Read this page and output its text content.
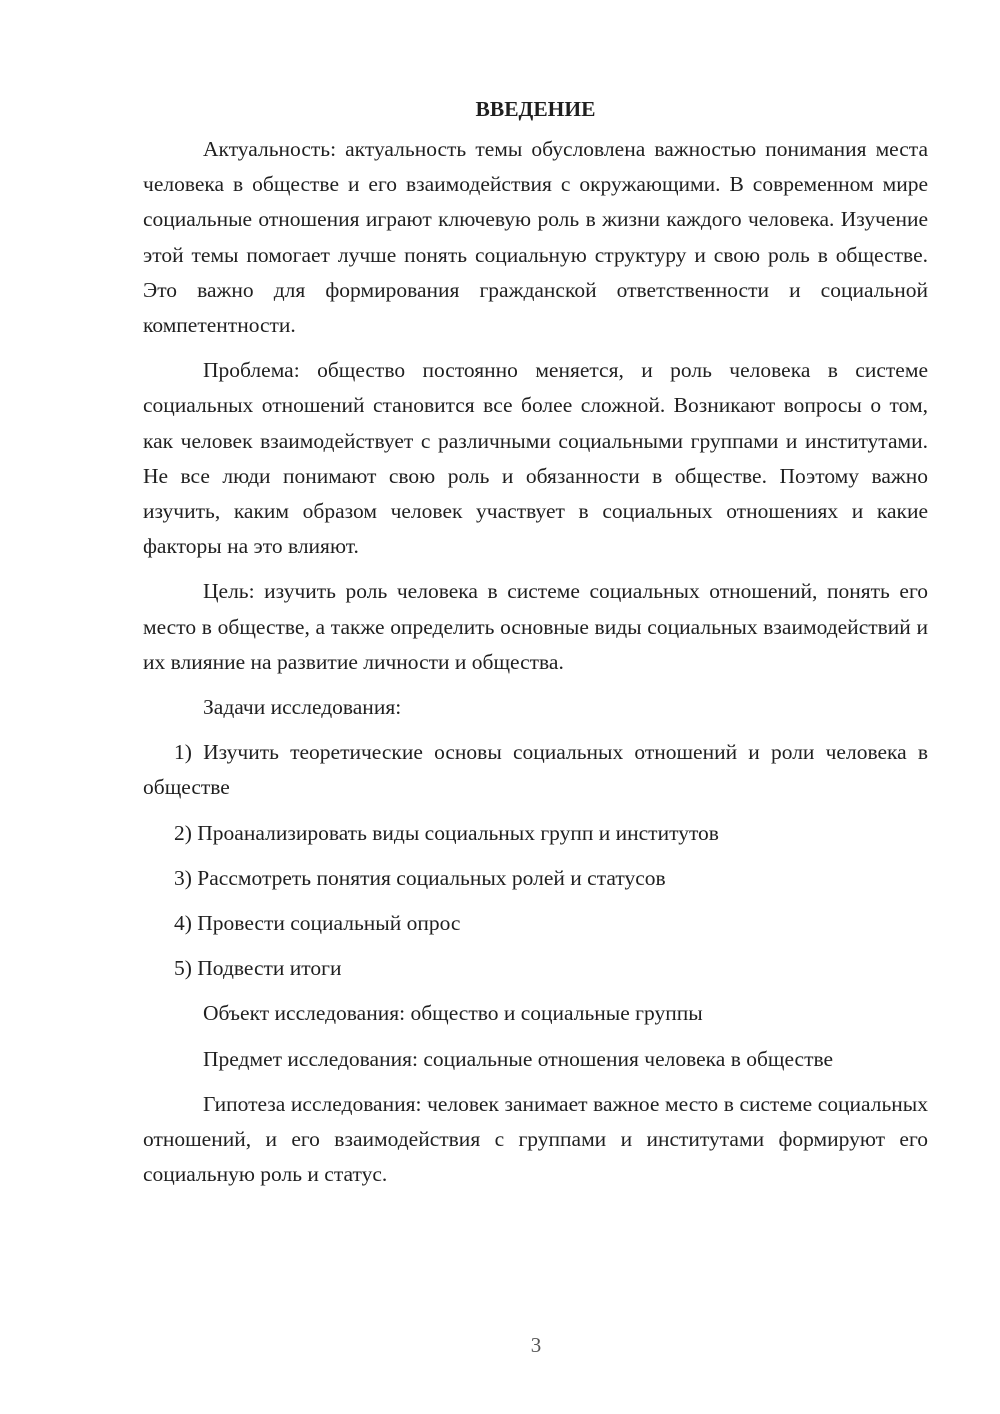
ВВЕДЕНИЕ

Актуальность: актуальность темы обусловлена важностью понимания места человека в обществе и его взаимодействия с окружающими. В современном мире социальные отношения играют ключевую роль в жизни каждого человека. Изучение этой темы помогает лучше понять социальную структуру и свою роль в обществе. Это важно для формирования гражданской ответственности и социальной компетентности.

Проблема: общество постоянно меняется, и роль человека в системе социальных отношений становится все более сложной. Возникают вопросы о том, как человек взаимодействует с различными социальными группами и институтами. Не все люди понимают свою роль и обязанности в обществе. Поэтому важно изучить, каким образом человек участвует в социальных отношениях и какие факторы на это влияют.

Цель: изучить роль человека в системе социальных отношений, понять его место в обществе, а также определить основные виды социальных взаимодействий и их влияние на развитие личности и общества.

Задачи исследования:

1) Изучить теоретические основы социальных отношений и роли человека в обществе

2) Проанализировать виды социальных групп и институтов

3) Рассмотреть понятия социальных ролей и статусов

4) Провести социальный опрос

5) Подвести итоги

Объект исследования: общество и социальные группы

Предмет исследования: социальные отношения человека в обществе

Гипотеза исследования: человек занимает важное место в системе социальных отношений, и его взаимодействия с группами и институтами формируют его социальную роль и статус.

3
